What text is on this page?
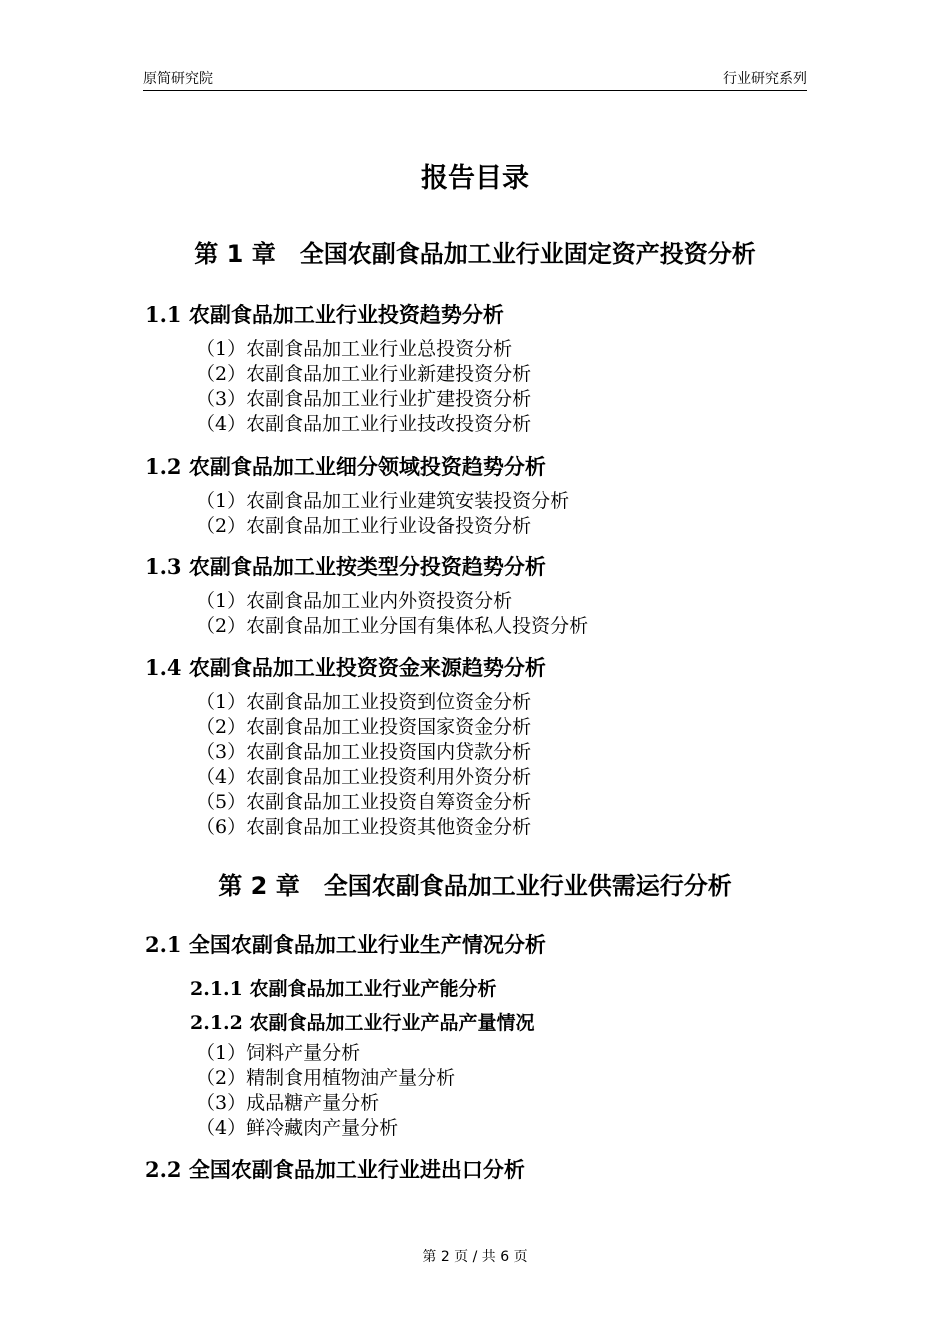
原简研究院	行业研究系列
报告目录
第 1 章　全国农副食品加工业行业固定资产投资分析
1.1 农副食品加工业行业投资趋势分析
（1）农副食品加工业行业总投资分析
（2）农副食品加工业行业新建投资分析
（3）农副食品加工业行业扩建投资分析
（4）农副食品加工业行业技改投资分析
1.2 农副食品加工业细分领域投资趋势分析
（1）农副食品加工业行业建筑安装投资分析
（2）农副食品加工业行业设备投资分析
1.3 农副食品加工业按类型分投资趋势分析
（1）农副食品加工业内外资投资分析
（2）农副食品加工业分国有集体私人投资分析
1.4 农副食品加工业投资资金来源趋势分析
（1）农副食品加工业投资到位资金分析
（2）农副食品加工业投资国家资金分析
（3）农副食品加工业投资国内贷款分析
（4）农副食品加工业投资利用外资分析
（5）农副食品加工业投资自筹资金分析
（6）农副食品加工业投资其他资金分析
第 2 章　全国农副食品加工业行业供需运行分析
2.1 全国农副食品加工业行业生产情况分析
2.1.1 农副食品加工业行业产能分析
2.1.2 农副食品加工业行业产品产量情况
（1）饲料产量分析
（2）精制食用植物油产量分析
（3）成品糖产量分析
（4）鲜冷藏肉产量分析
2.2 全国农副食品加工业行业进出口分析
第 2 页 / 共 6 页
